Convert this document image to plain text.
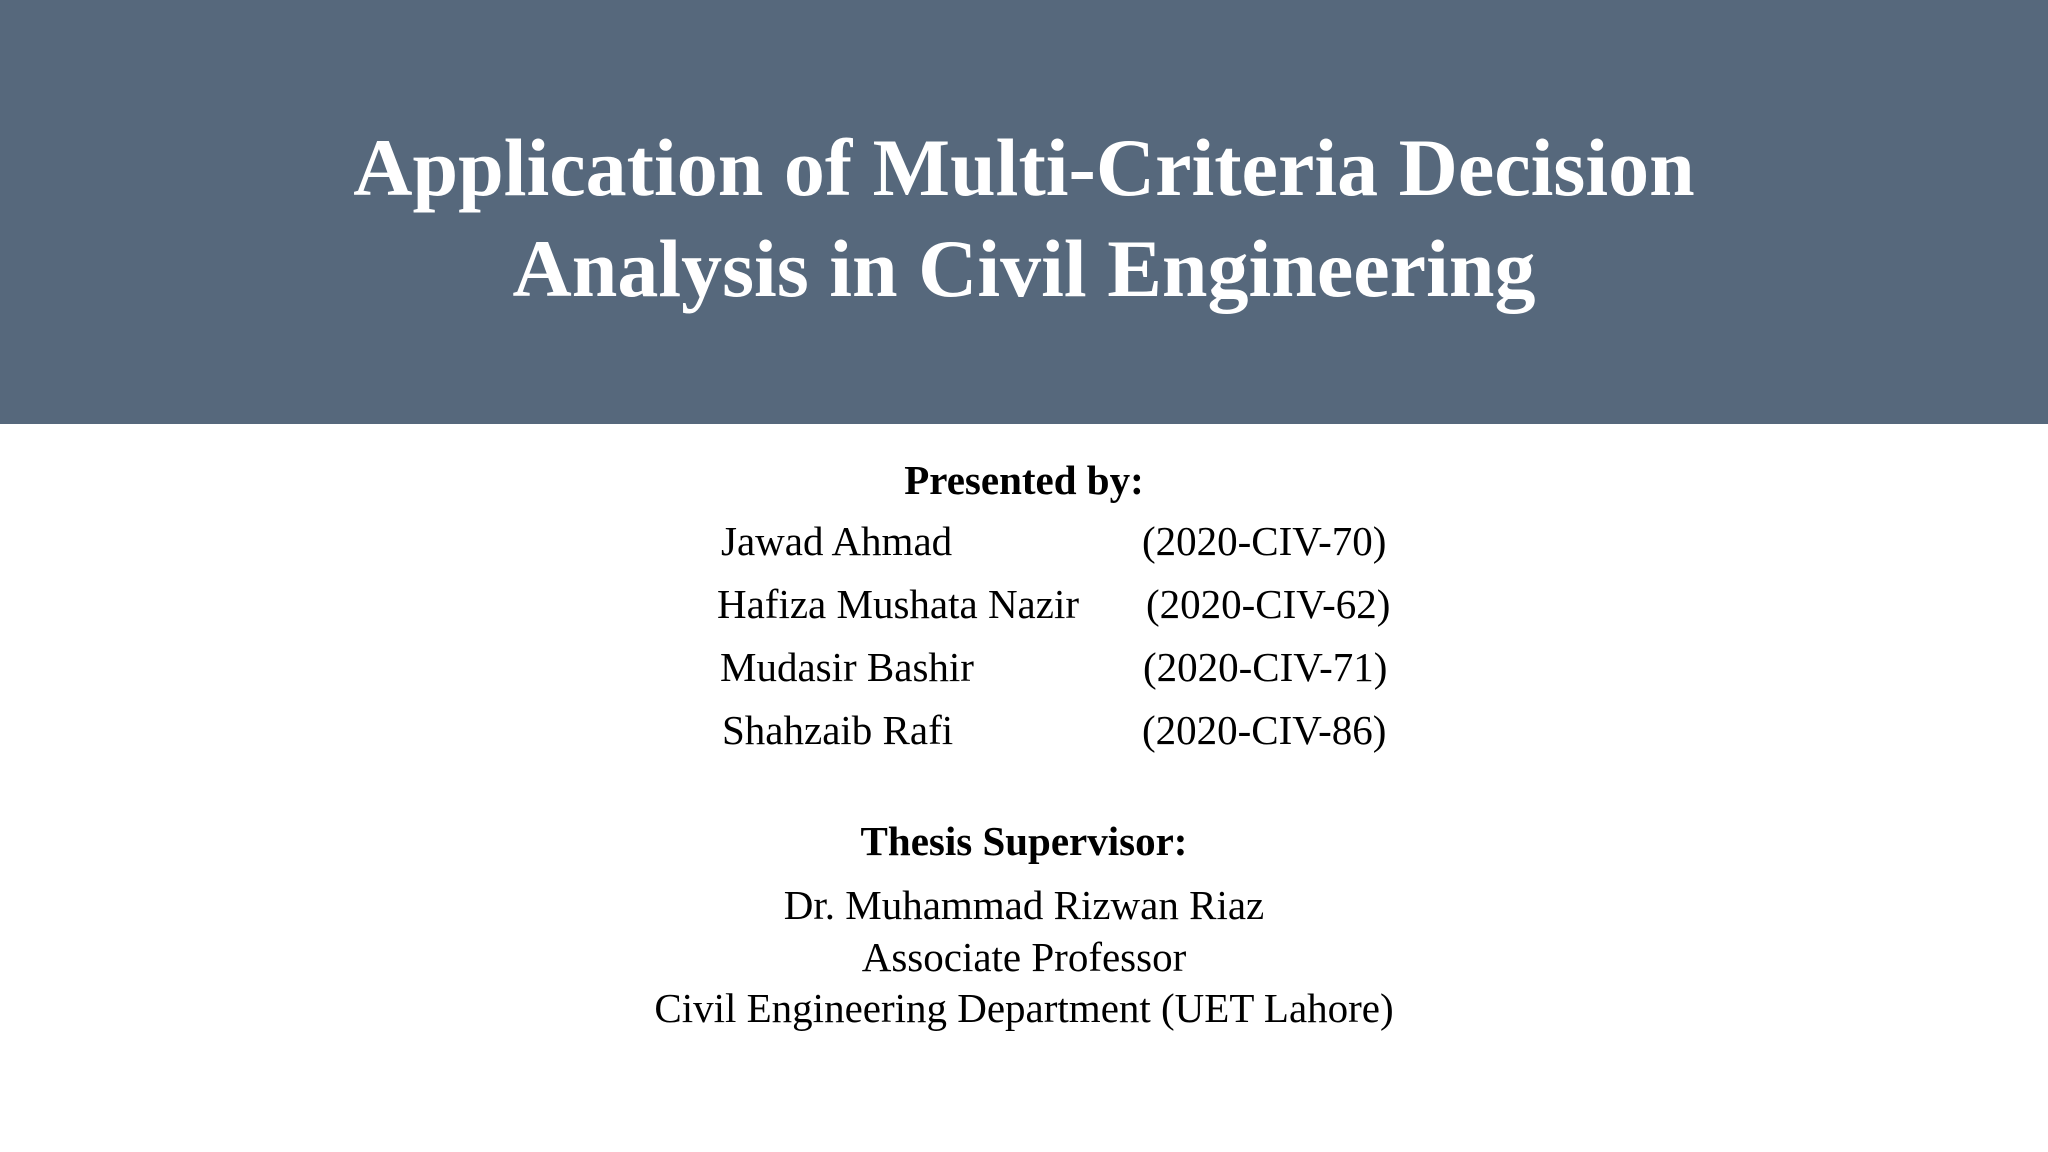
Application of Multi-Criteria Decision
Analysis in Civil Engineering
Presented by:
Jawad Ahmad	(2020-CIV-70)
Hafiza Mushata Nazir (2020-CIV-62)
Mudasir Bashir	(2020-CIV-71)
Shahzaib Rafi	(2020-CIV-86)
Thesis Supervisor:
Dr. Muhammad Rizwan Riaz
Associate Professor
Civil Engineering Department (UET Lahore)
